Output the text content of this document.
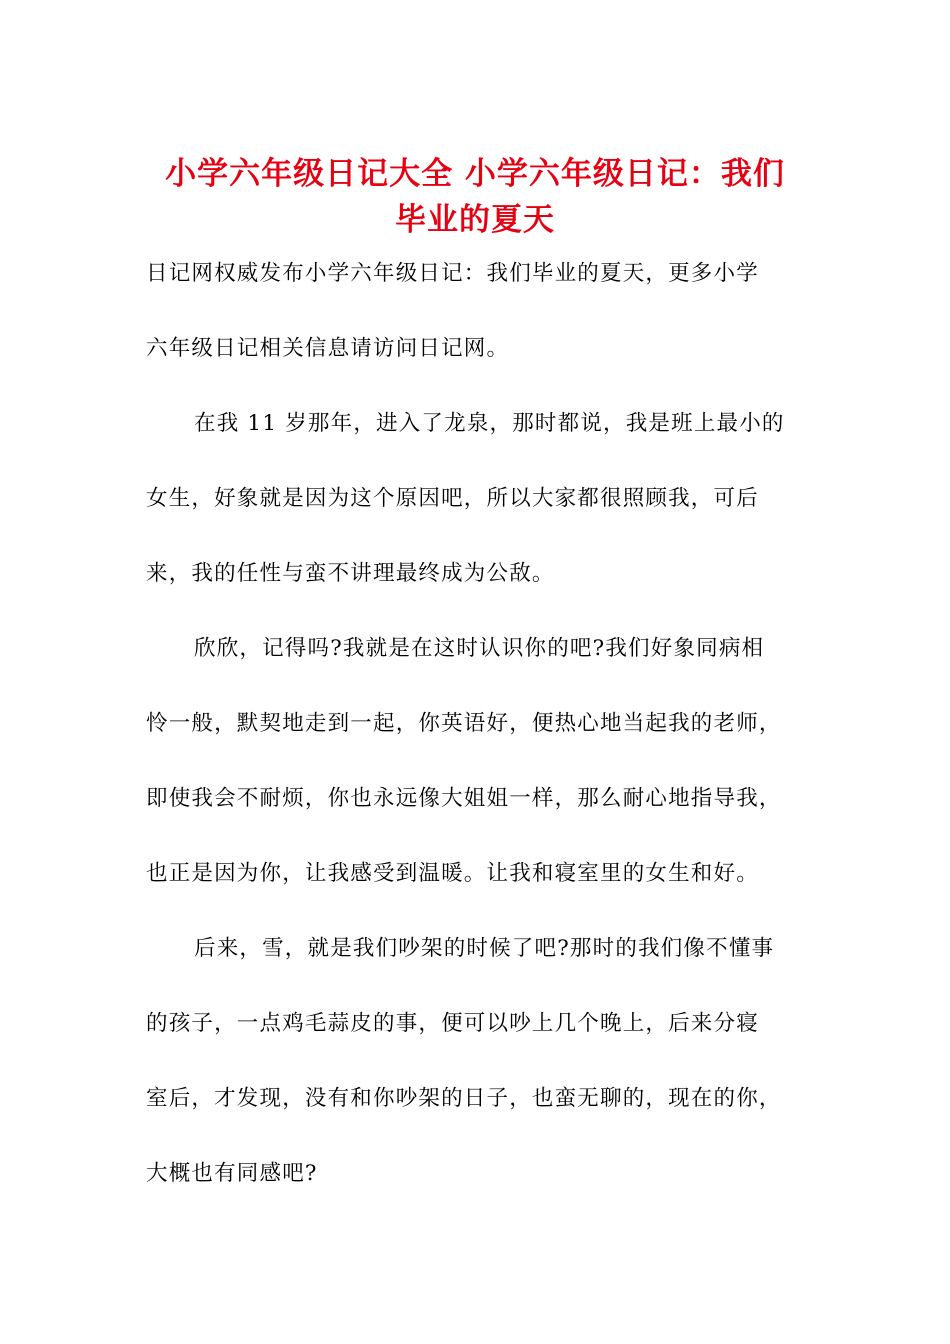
小学六年级日记大全 小学六年级日记：我们
毕业的夏天
日记网权威发布小学六年级日记：我们毕业的夏天，更多小学
六年级日记相关信息请访问日记网。
在我 11 岁那年，进入了龙泉，那时都说，我是班上最小的
女生，好象就是因为这个原因吧，所以大家都很照顾我，可后
来，我的任性与蛮不讲理最终成为公敌。
欣欣，记得吗?我就是在这时认识你的吧?我们好象同病相
怜一般，默契地走到一起，你英语好，便热心地当起我的老师，
即使我会不耐烦，你也永远像大姐姐一样，那么耐心地指导我，
也正是因为你，让我感受到温暖。让我和寝室里的女生和好。
后来，雪，就是我们吵架的时候了吧?那时的我们像不懂事
的孩子，一点鸡毛蒜皮的事，便可以吵上几个晚上，后来分寝
室后，才发现，没有和你吵架的日子，也蛮无聊的，现在的你，
大概也有同感吧?
